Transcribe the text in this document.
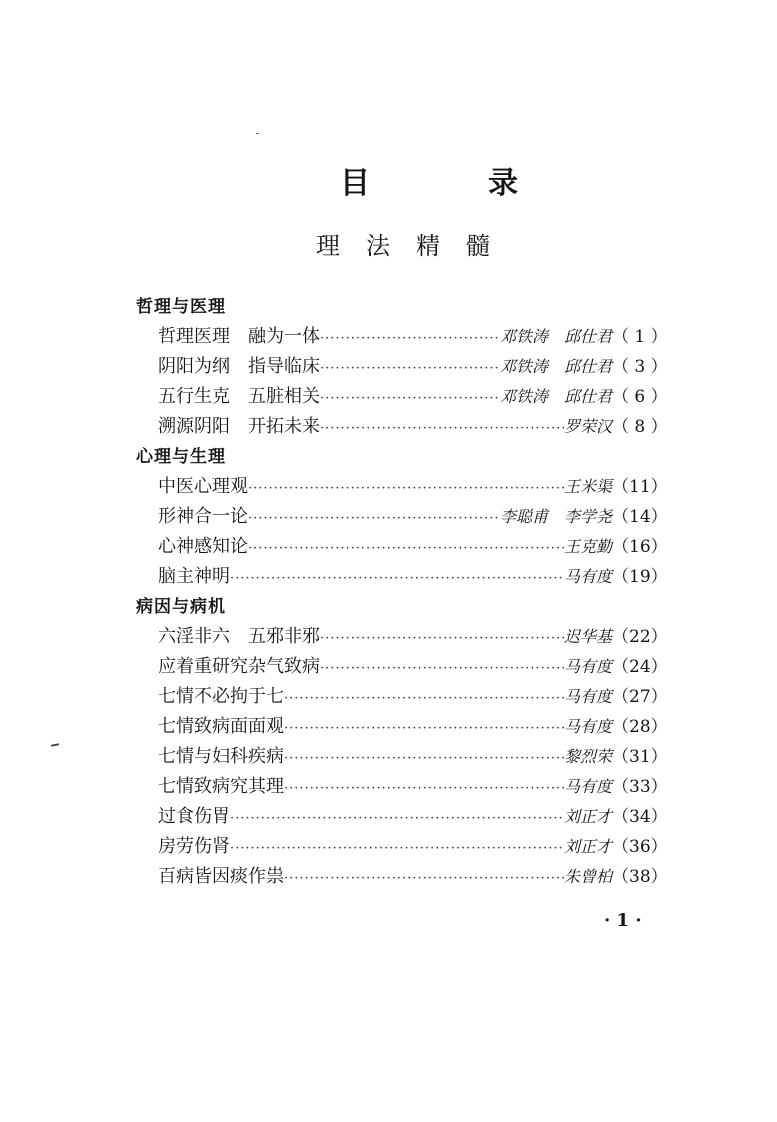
目　录
理法精髓
哲理与医理
哲理医理　融为一体 ·····	邓铁涛　邱仕君 （ 1 ）
阴阳为纲　指导临床 ·····	邓铁涛　邱仕君 （ 3 ）
五行生克　五脏相关 ·····	邓铁涛　邱仕君 （ 6 ）
溯源阴阳　开拓未来 ·····	罗荣汉 （ 8 ）
心理与生理
中医心理观 ·····	王米渠 （11）
形神合一论 ·····	李聪甫　李学尧 （14）
心神感知论 ·····	王克勤 （16）
脑主神明 ·····	马有度 （19）
病因与病机
六淫非六　五邪非邪 ·····	迟华基 （22）
应着重研究杂气致病 ·····	马有度 （24）
七情不必拘于七 ·····	马有度 （27）
七情致病面面观 ·····	马有度 （28）
七情与妇科疾病 ·····	黎烈荣 （31）
七情致病究其理 ·····	马有度 （33）
过食伤胃 ·····	刘正才 （34）
房劳伤肾 ·····	刘正才 （36）
百病皆因痰作祟 ·····	朱曾柏 （38）
· 1 ·
